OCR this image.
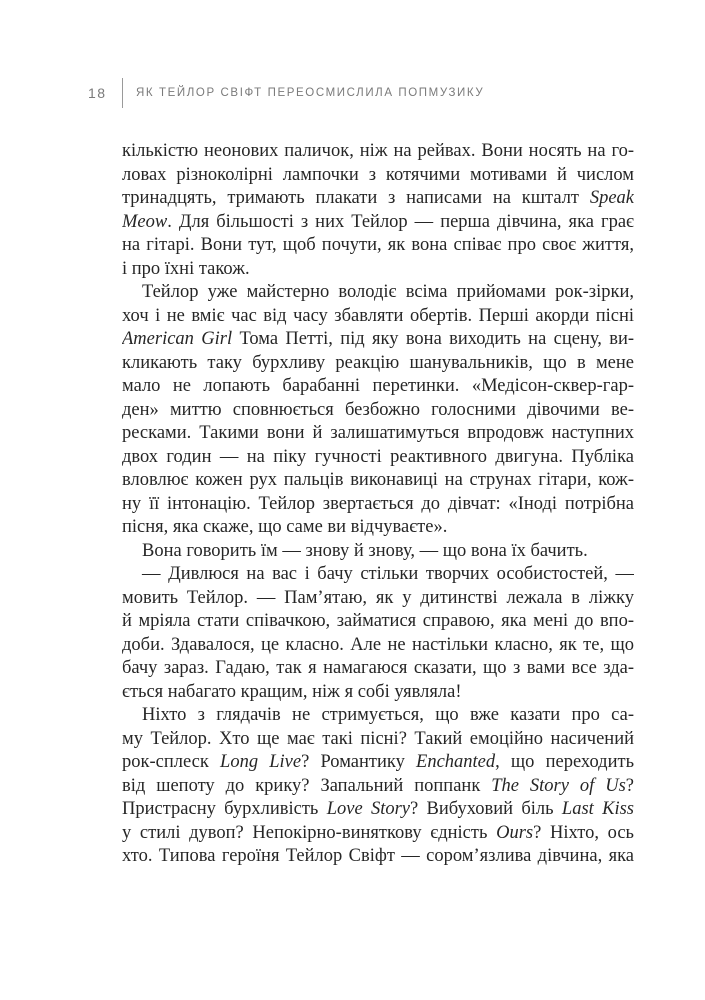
18	ЯК ТЕЙЛОР СВІФТ ПЕРЕОСМИСЛИЛА ПОПМУЗИКУ
кількістю неонових паличок, ніж на рейвах. Вони носять на го-
ловах різноколірні лампочки з котячими мотивами й числом
тринадцять, тримають плакати з написами на кшталт Speak
Meow. Для більшості з них Тейлор — перша дівчина, яка грає
на гітарі. Вони тут, щоб почути, як вона співає про своє життя,
і про їхні також.
Тейлор уже майстерно володіє всіма прийомами рок-зірки,
хоч і не вміє час від часу збавляти обертів. Перші акорди пісні
American Girl Тома Петті, під яку вона виходить на сцену, ви-
кликають таку бурхливу реакцію шанувальників, що в мене
мало не лопають барабанні перетинки. «Медісон-сквер-гар-
ден» миттю сповнюється безбожно голосними дівочими ве-
ресками. Такими вони й залишатимуться впродовж наступних
двох годин — на піку гучності реактивного двигуна. Публіка
вловлює кожен рух пальців виконавиці на струнах гітари, кож-
ну її інтонацію. Тейлор звертається до дівчат: «Іноді потрібна
пісня, яка скаже, що саме ви відчуваєте».
Вона говорить їм — знову й знову, — що вона їх бачить.
— Дивлюся на вас і бачу стільки творчих особистостей, —
мовить Тейлор. — Пам’ятаю, як у дитинстві лежала в ліжку
й мріяла стати співачкою, займатися справою, яка мені до впо-
доби. Здавалося, це класно. Але не настільки класно, як те, що
бачу зараз. Гадаю, так я намагаюся сказати, що з вами все зда-
ється набагато кращим, ніж я собі уявляла!
Ніхто з глядачів не стримується, що вже казати про са-
му Тейлор. Хто ще має такі пісні? Такий емоційно насичений
рок-сплеск Long Live? Романтику Enchanted, що переходить
від шепоту до крику? Запальний поппанк The Story of Us?
Пристрасну бурхливість Love Story? Вибуховий біль Last Kiss
у стилі дувоп? Непокірно-виняткову єдність Ours? Ніхто, ось
хто. Типова героїня Тейлор Свіфт — сором’язлива дівчина, яка
